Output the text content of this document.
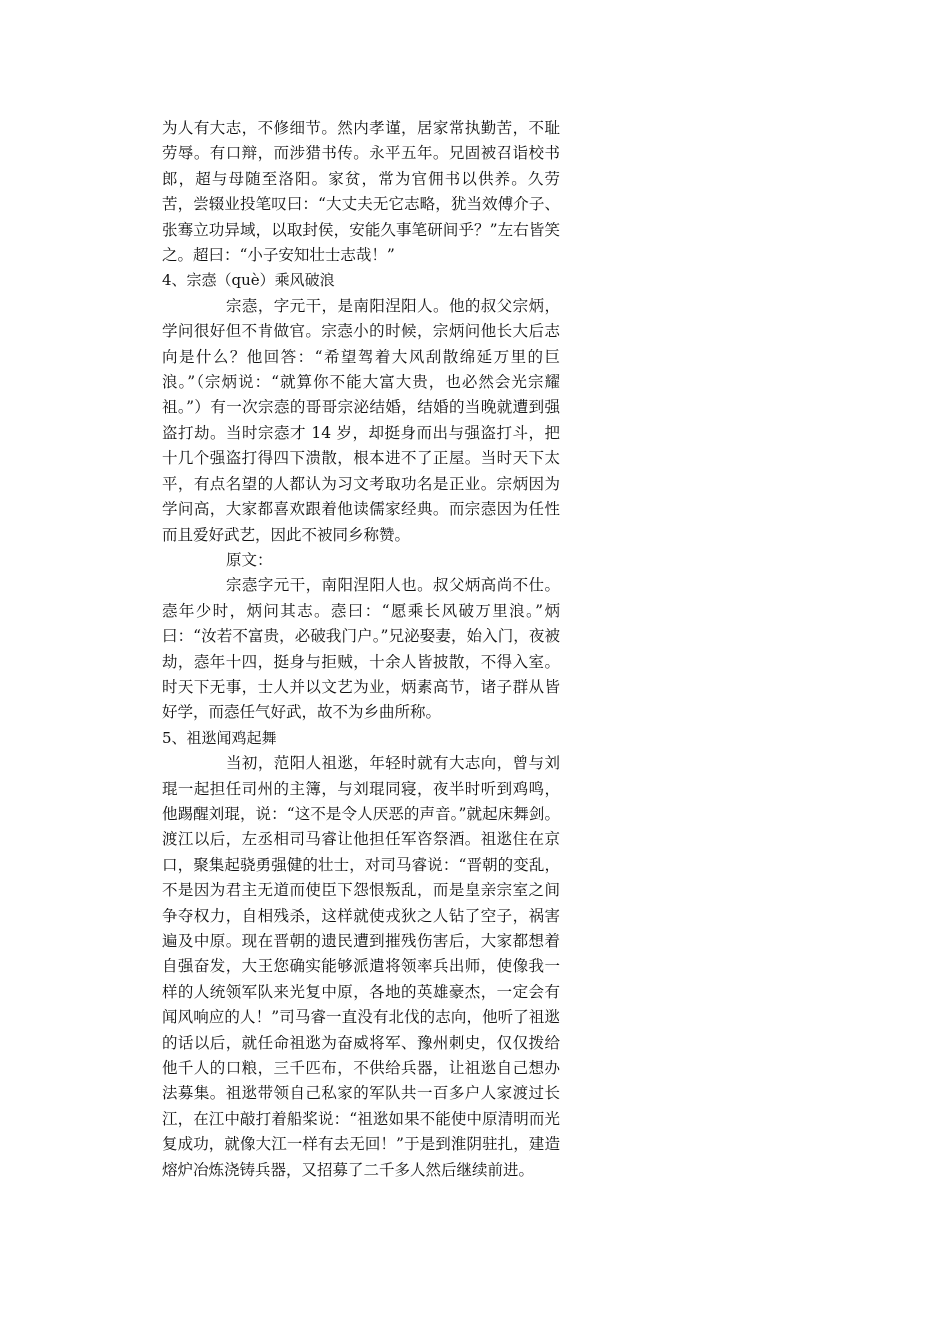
为人有大志，不修细节。然内孝谨，居家常执勤苦，不耻劳辱。有口辩，而涉猎书传。永平五年。兄固被召诣校书郎，超与母随至洛阳。家贫，常为官佣书以供养。久劳苦，尝辍业投笔叹曰：“大丈夫无它志略，犹当效傅介子、张骞立功异域，以取封侯，安能久事笔研间乎？”左右皆笑之。超曰：“小子安知壮士志哉！”

4、宗悫（què）乘风破浪

宗悫，字元干，是南阳涅阳人。他的叔父宗炳，学问很好但不肯做官。宗悫小的时候，宗炳问他长大后志向是什么？他回答：“希望驾着大风刮散绵延万里的巨浪。”（宗炳说：“就算你不能大富大贵，也必然会光宗耀祖。”）有一次宗悫的哥哥宗泌结婚，结婚的当晚就遭到强盗打劫。当时宗悫才 14 岁，却挺身而出与强盗打斗，把十几个强盗打得四下溃散，根本进不了正屋。当时天下太平，有点名望的人都认为习文考取功名是正业。宗炳因为学问高，大家都喜欢跟着他读儒家经典。而宗悫因为任性而且爱好武艺，因此不被同乡称赞。

原文：

宗悫字元干，南阳涅阳人也。叔父炳高尚不仕。悫年少时，炳问其志。悫曰：“愿乘长风破万里浪。”炳曰：“汝若不富贵，必破我门户。”兄泌娶妻，始入门，夜被劫，悫年十四，挺身与拒贼，十余人皆披散，不得入室。时天下无事，士人并以文艺为业，炳素高节，诸子群从皆好学，而悫任气好武，故不为乡曲所称。

5、祖逖闻鸡起舞

当初，范阳人祖逖，年轻时就有大志向，曾与刘琨一起担任司州的主簿，与刘琨同寝，夜半时听到鸡鸣，他踢醒刘琨，说：“这不是令人厌恶的声音。”就起床舞剑。渡江以后，左丞相司马睿让他担任军咨祭酒。祖逖住在京口，聚集起骁勇强健的壮士，对司马睿说：“晋朝的变乱，不是因为君主无道而使臣下怨恨叛乱，而是皇亲宗室之间争夺权力，自相残杀，这样就使戎狄之人钻了空子，祸害遍及中原。现在晋朝的遗民遭到摧残伤害后，大家都想着自强奋发，大王您确实能够派遣将领率兵出师，使像我一样的人统领军队来光复中原，各地的英雄豪杰，一定会有闻风响应的人！”司马睿一直没有北伐的志向，他听了祖逖的话以后，就任命祖逖为奋威将军、豫州刺史，仅仅拨给他千人的口粮，三千匹布，不供给兵器，让祖逖自己想办法募集。祖逖带领自己私家的军队共一百多户人家渡过长江，在江中敲打着船桨说：“祖逖如果不能使中原清明而光复成功，就像大江一样有去无回！”于是到淮阴驻扎，建造熔炉冶炼浇铸兵器，又招募了二千多人然后继续前进。
